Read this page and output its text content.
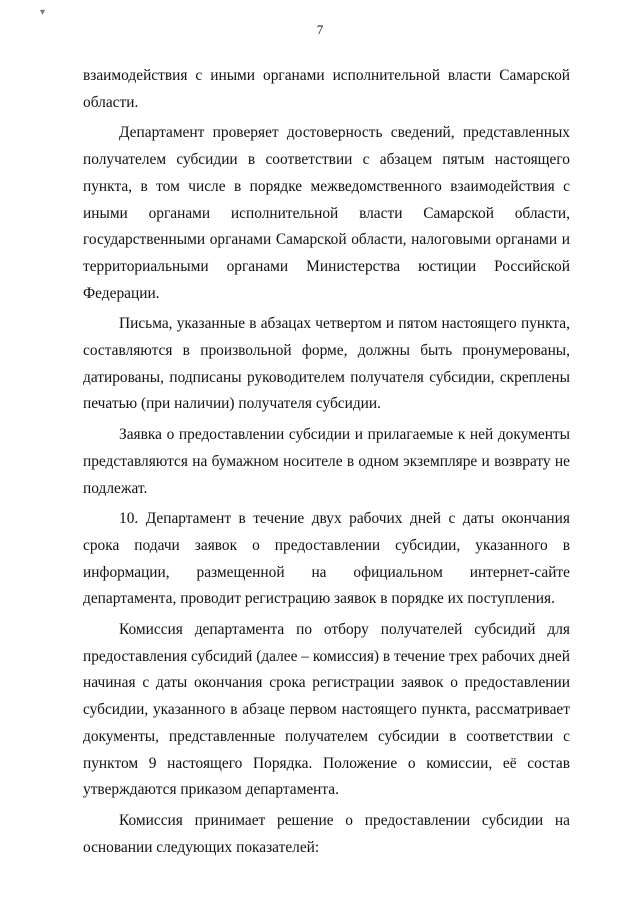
7
▾

взаимодействия с иными органами исполнительной власти Самарской области.

Департамент проверяет достоверность сведений, представленных получателем субсидии в соответствии с абзацем пятым настоящего пункта, в том числе в порядке межведомственного взаимодействия с иными органами исполнительной власти Самарской области, государственными органами Самарской области, налоговыми органами и территориальными органами Министерства юстиции Российской Федерации.

Письма, указанные в абзацах четвертом и пятом настоящего пункта, составляются в произвольной форме, должны быть пронумерованы, датированы, подписаны руководителем получателя субсидии, скреплены печатью (при наличии) получателя субсидии.

Заявка о предоставлении субсидии и прилагаемые к ней документы представляются на бумажном носителе в одном экземпляре и возврату не подлежат.

10. Департамент в течение двух рабочих дней с даты окончания срока подачи заявок о предоставлении субсидии, указанного в информации, размещенной на официальном интернет-сайте департамента, проводит регистрацию заявок в порядке их поступления.

Комиссия департамента по отбору получателей субсидий для предоставления субсидий (далее – комиссия) в течение трех рабочих дней начиная с даты окончания срока регистрации заявок о предоставлении субсидии, указанного в абзаце первом настоящего пункта, рассматривает документы, представленные получателем субсидии в соответствии с пунктом 9 настоящего Порядка. Положение о комиссии, её состав утверждаются приказом департамента.

Комиссия принимает решение о предоставлении субсидии на основании следующих показателей:
